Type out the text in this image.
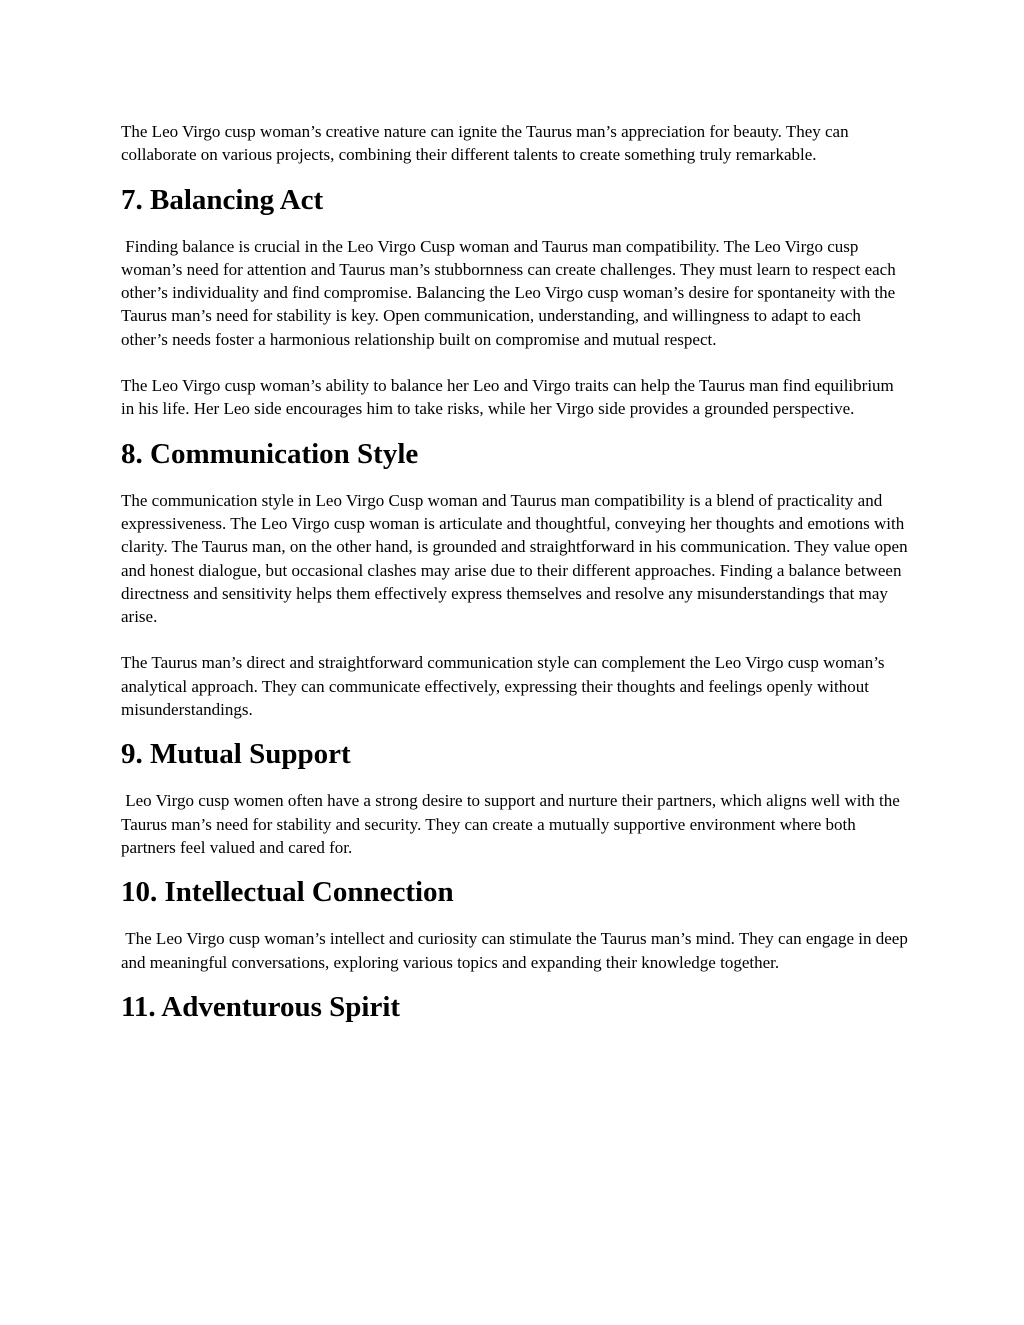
The Leo Virgo cusp woman’s creative nature can ignite the Taurus man’s appreciation for beauty. They can collaborate on various projects, combining their different talents to create something truly remarkable.

7. Balancing Act

Finding balance is crucial in the Leo Virgo Cusp woman and Taurus man compatibility. The Leo Virgo cusp woman’s need for attention and Taurus man’s stubbornness can create challenges. They must learn to respect each other’s individuality and find compromise. Balancing the Leo Virgo cusp woman’s desire for spontaneity with the Taurus man’s need for stability is key. Open communication, understanding, and willingness to adapt to each other’s needs foster a harmonious relationship built on compromise and mutual respect.

The Leo Virgo cusp woman’s ability to balance her Leo and Virgo traits can help the Taurus man find equilibrium in his life. Her Leo side encourages him to take risks, while her Virgo side provides a grounded perspective.

8. Communication Style

The communication style in Leo Virgo Cusp woman and Taurus man compatibility is a blend of practicality and expressiveness. The Leo Virgo cusp woman is articulate and thoughtful, conveying her thoughts and emotions with clarity. The Taurus man, on the other hand, is grounded and straightforward in his communication. They value open and honest dialogue, but occasional clashes may arise due to their different approaches. Finding a balance between directness and sensitivity helps them effectively express themselves and resolve any misunderstandings that may arise.

The Taurus man’s direct and straightforward communication style can complement the Leo Virgo cusp woman’s analytical approach. They can communicate effectively, expressing their thoughts and feelings openly without misunderstandings.

9. Mutual Support

Leo Virgo cusp women often have a strong desire to support and nurture their partners, which aligns well with the Taurus man’s need for stability and security. They can create a mutually supportive environment where both partners feel valued and cared for.

10. Intellectual Connection

The Leo Virgo cusp woman’s intellect and curiosity can stimulate the Taurus man’s mind. They can engage in deep and meaningful conversations, exploring various topics and expanding their knowledge together.

11. Adventurous Spirit
